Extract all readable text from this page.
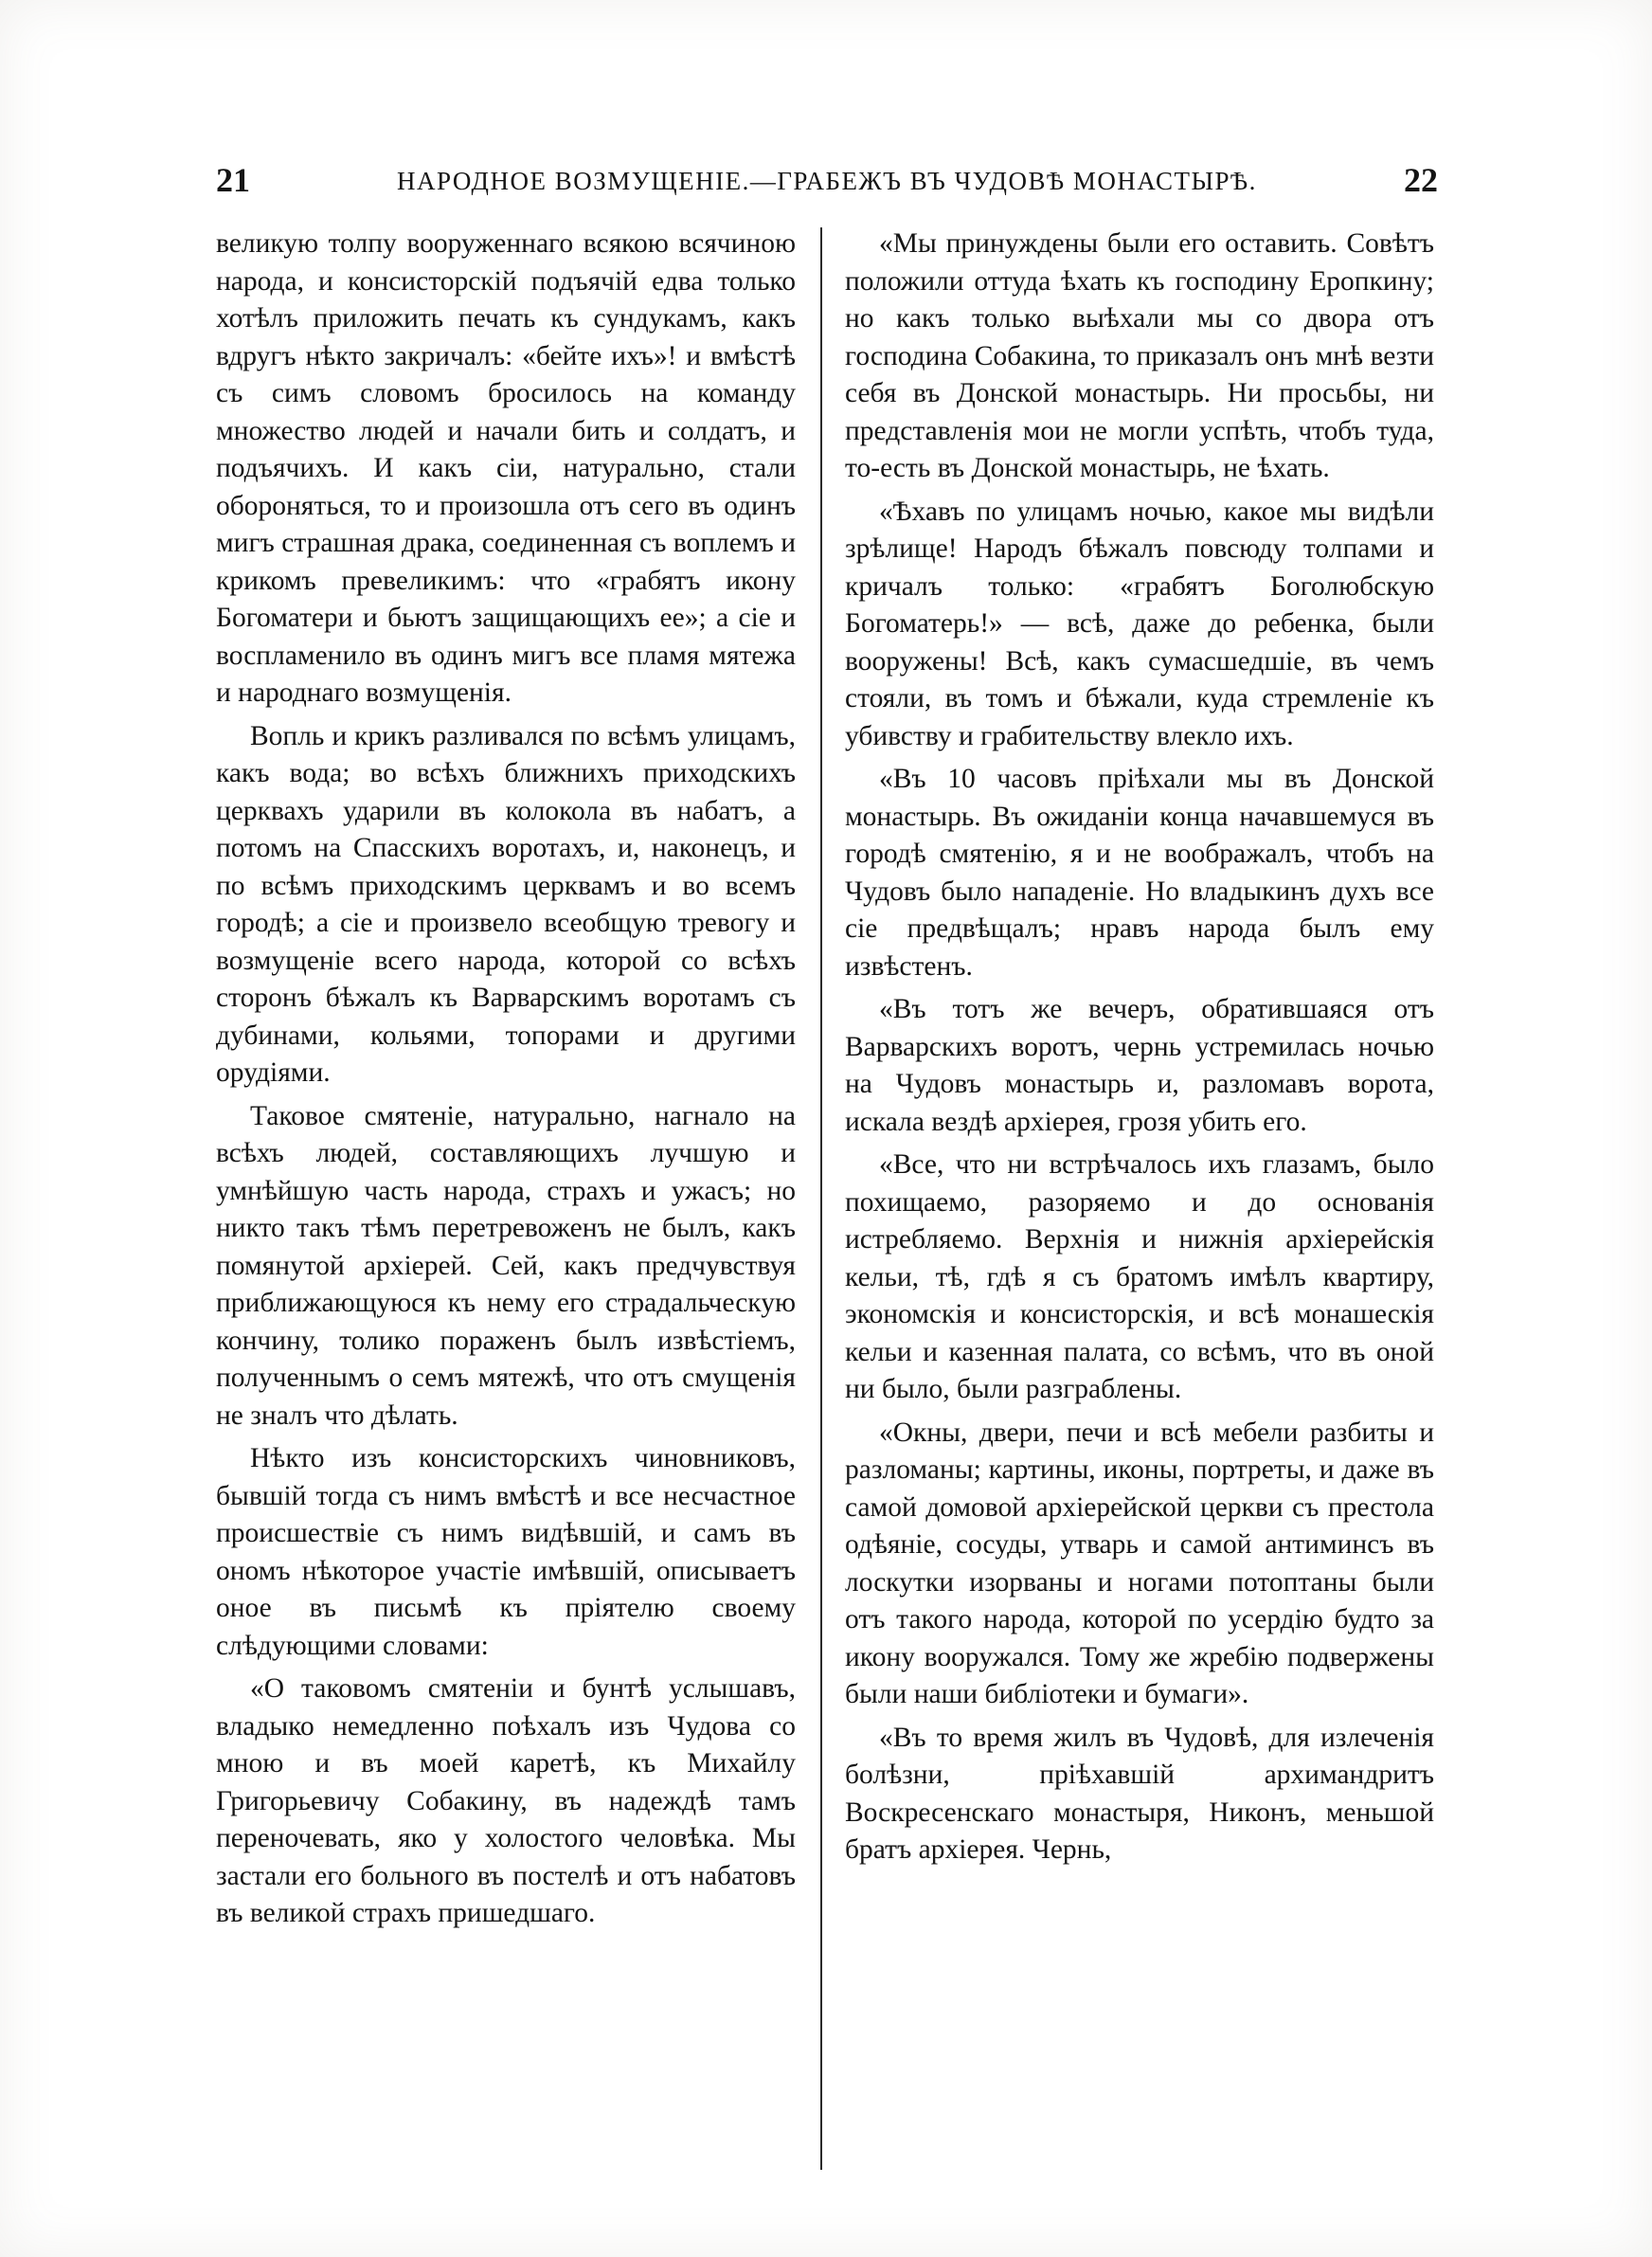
21	НАРОДНОЕ ВОЗМУЩЕНІЕ.—ГРАБЕЖЪ ВЪ ЧУДОВѢ МОНАСТЫРѢ.	22

великую толпу вооруженнаго всякою всячиною народа, и консисторскій подъячій едва только хотѣлъ приложить печать къ сундукамъ, какъ вдругъ нѣкто закричалъ: «бейте ихъ»! и вмѣстѣ съ симъ словомъ бросилось на команду множество людей и начали бить и солдатъ, и подъячихъ. И какъ сіи, натурально, стали обороняться, то и произошла отъ сего въ одинъ мигъ страшная драка, соединенная съ воплемъ и крикомъ превеликимъ: что «грабятъ икону Богоматери и бьютъ защищающихъ ее»; а сіе и воспламенило въ одинъ мигъ все пламя мятежа и народнаго возмущенія.

Вопль и крикъ разливался по всѣмъ улицамъ, какъ вода; во всѣхъ ближнихъ приходскихъ церквахъ ударили въ колокола въ набатъ, а потомъ на Спасскихъ воротахъ, и, наконецъ, и по всѣмъ приходскимъ церквамъ и во всемъ городѣ; а сіе и произвело всеобщую тревогу и возмущеніе всего народа, которой со всѣхъ сторонъ бѣжалъ къ Варварскимъ воротамъ съ дубинами, кольями, топорами и другими орудіями.

Таковое смятеніе, натурально, нагнало на всѣхъ людей, составляющихъ лучшую и умнѣйшую часть народа, страхъ и ужасъ; но никто такъ тѣмъ перетревоженъ не былъ, какъ помянутой архіерей. Сей, какъ предчувствуя приближающуюся къ нему его страдальческую кончину, толико пораженъ былъ извѣстіемъ, полученнымъ о семъ мятежѣ, что отъ смущенія не зналъ что дѣлать.

Нѣкто изъ консисторскихъ чиновниковъ, бывшій тогда съ нимъ вмѣстѣ и все несчастное происшествіе съ нимъ видѣвшій, и самъ въ ономъ нѣкоторое участіе имѣвшій, описываетъ оное въ письмѣ къ пріятелю своему слѣдующими словами:

«О таковомъ смятеніи и бунтѣ услышавъ, владыко немедленно поѣхалъ изъ Чудова со мною и въ моей каретѣ, къ Михайлу Григорьевичу Собакину, въ надеждѣ тамъ переночевать, яко у холостого человѣка. Мы застали его больного въ постелѣ и отъ набатовъ въ великой страхъ пришедшаго.

«Мы принуждены были его оставить. Совѣтъ положили оттуда ѣхать къ господину Еропкину; но какъ только выѣхали мы со двора отъ господина Собакина, то приказалъ онъ мнѣ везти себя въ Донской монастырь. Ни просьбы, ни представленія мои не могли успѣть, чтобъ туда, то-есть въ Донской монастырь, не ѣхать.

«Ѣхавъ по улицамъ ночью, какое мы видѣли зрѣлище! Народъ бѣжалъ повсюду толпами и кричалъ только: «грабятъ Боголюбскую Богоматерь!» — всѣ, даже до ребенка, были вооружены! Всѣ, какъ сумасшедшіе, въ чемъ стояли, въ томъ и бѣжали, куда стремленіе къ убивству и грабительству влекло ихъ.

«Въ 10 часовъ пріѣхали мы въ Донской монастырь. Въ ожиданіи конца начавшемуся въ городѣ смятенію, я и не воображалъ, чтобъ на Чудовъ было нападеніе. Но владыкинъ духъ все сіе предвѣщалъ; нравъ народа былъ ему извѣстенъ.

«Въ тотъ же вечеръ, обратившаяся отъ Варварскихъ воротъ, чернь устремилась ночью на Чудовъ монастырь и, разломавъ ворота, искала вездѣ архіерея, грозя убить его.

«Все, что ни встрѣчалось ихъ глазамъ, было похищаемо, разоряемо и до основанія истребляемо. Верхнія и нижнія архіерейскія кельи, тѣ, гдѣ я съ братомъ имѣлъ квартиру, экономскія и консисторскія, и всѣ монашескія кельи и казенная палата, со всѣмъ, что въ оной ни было, были разграблены.

«Окны, двери, печи и всѣ мебели разбиты и разломаны; картины, иконы, портреты, и даже въ самой домовой архіерейской церкви съ престола одѣяніе, сосуды, утварь и самой антиминсъ въ лоскутки изорваны и ногами потоптаны были отъ такого народа, которой по усердію будто за икону вооружался. Тому же жребію подвержены были наши библіотеки и бумаги».

«Въ то время жилъ въ Чудовѣ, для излеченія болѣзни, пріѣхавшій архимандритъ Воскресенскаго монастыря, Никонъ, меньшой братъ архіерея. Чернь,
